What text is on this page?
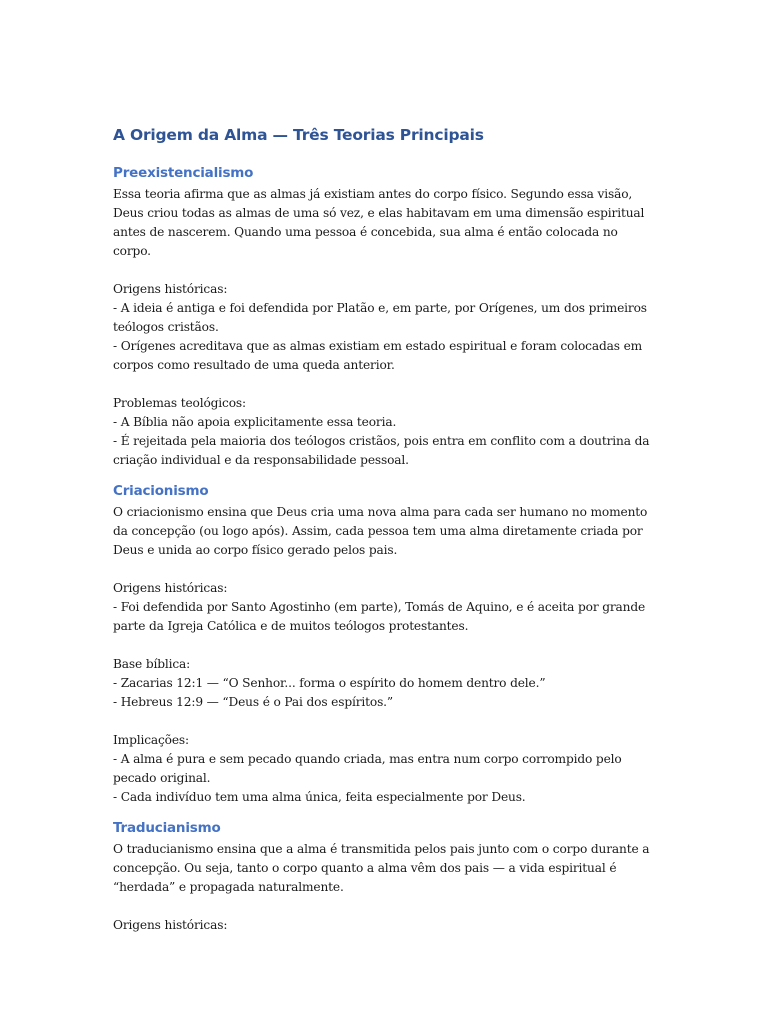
A Origem da Alma — Três Teorias Principais
Preexistencialismo

Essa teoria afirma que as almas já existiam antes do corpo físico. Segundo essa visão, Deus criou todas as almas de uma só vez, e elas habitavam em uma dimensão espiritual antes de nascerem. Quando uma pessoa é concebida, sua alma é então colocada no corpo.

Origens históricas:

- A ideia é antiga e foi defendida por Platão e, em parte, por Orígenes, um dos primeiros teólogos cristãos.

- Orígenes acreditava que as almas existiam em estado espiritual e foram colocadas em corpos como resultado de uma queda anterior.

Problemas teológicos:

- A Bíblia não apoia explicitamente essa teoria.

- É rejeitada pela maioria dos teólogos cristãos, pois entra em conflito com a doutrina da criação individual e da responsabilidade pessoal.

Criacionismo

O criacionismo ensina que Deus cria uma nova alma para cada ser humano no momento da concepção (ou logo após). Assim, cada pessoa tem uma alma diretamente criada por Deus e unida ao corpo físico gerado pelos pais.

Origens históricas:

- Foi defendida por Santo Agostinho (em parte), Tomás de Aquino, e é aceita por grande parte da Igreja Católica e de muitos teólogos protestantes.

Base bíblica:

- Zacarias 12:1 — “O Senhor... forma o espírito do homem dentro dele.”

- Hebreus 12:9 — “Deus é o Pai dos espíritos.”

Implicações:

- A alma é pura e sem pecado quando criada, mas entra num corpo corrompido pelo pecado original.

- Cada indivíduo tem uma alma única, feita especialmente por Deus.

Traducianismo

O traducianismo ensina que a alma é transmitida pelos pais junto com o corpo durante a concepção. Ou seja, tanto o corpo quanto a alma vêm dos pais — a vida espiritual é “herdada” e propagada naturalmente.

Origens históricas:
